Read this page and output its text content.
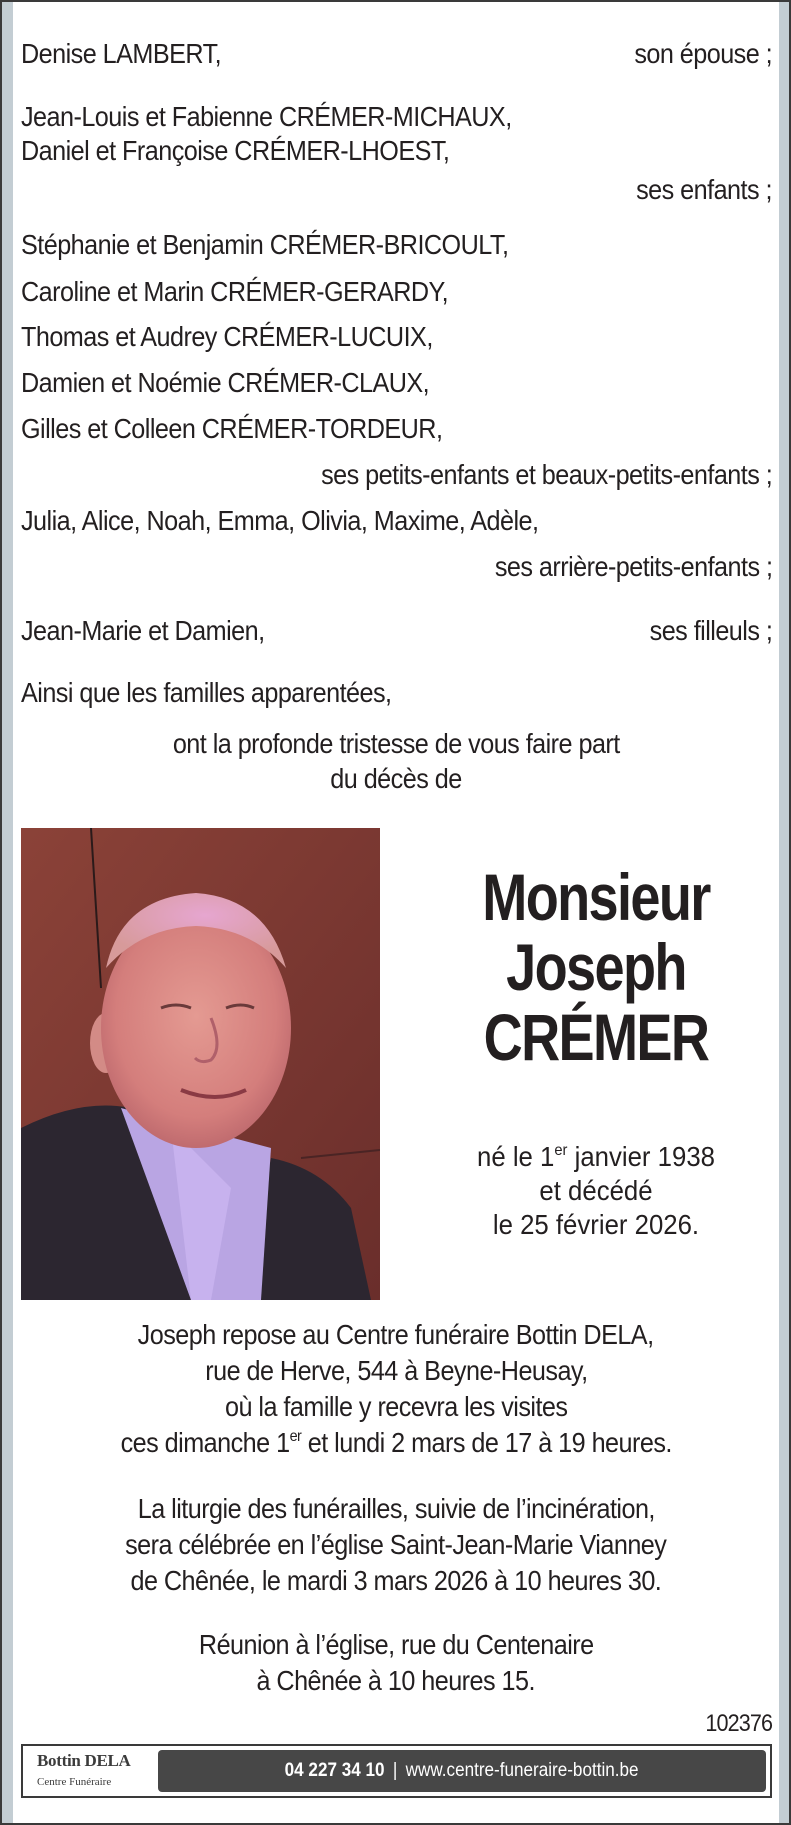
Denise LAMBERT,	son épouse ;
Jean-Louis et Fabienne CRÉMER-MICHAUX,
Daniel et Françoise CRÉMER-LHOEST,
ses enfants ;
Stéphanie et Benjamin CRÉMER-BRICOULT,
Caroline et Marin CRÉMER-GERARDY,
Thomas et Audrey CRÉMER-LUCUIX,
Damien et Noémie CRÉMER-CLAUX,
Gilles et Colleen CRÉMER-TORDEUR,
ses petits-enfants et beaux-petits-enfants ;
Julia, Alice, Noah, Emma, Olivia, Maxime, Adèle,
ses arrière-petits-enfants ;
Jean-Marie et Damien,	ses filleuls ;
Ainsi que les familles apparentées,
ont la profonde tristesse de vous faire part
du décès de
Monsieur
Joseph
CRÉMER
né le 1er janvier 1938
et décédé
le 25 février 2026.
Joseph repose au Centre funéraire Bottin DELA,
rue de Herve, 544 à Beyne-Heusay,
où la famille y recevra les visites
ces dimanche 1er et lundi 2 mars de 17 à 19 heures.
La liturgie des funérailles, suivie de l’incinération,
sera célébrée en l’église Saint-Jean-Marie Vianney
de Chênée, le mardi 3 mars 2026 à 10 heures 30.
Réunion à l’église, rue du Centenaire
à Chênée à 10 heures 15.
102376
Bottin DELA
Centre Funéraire
04 227 34 10 | www.centre-funeraire-bottin.be
